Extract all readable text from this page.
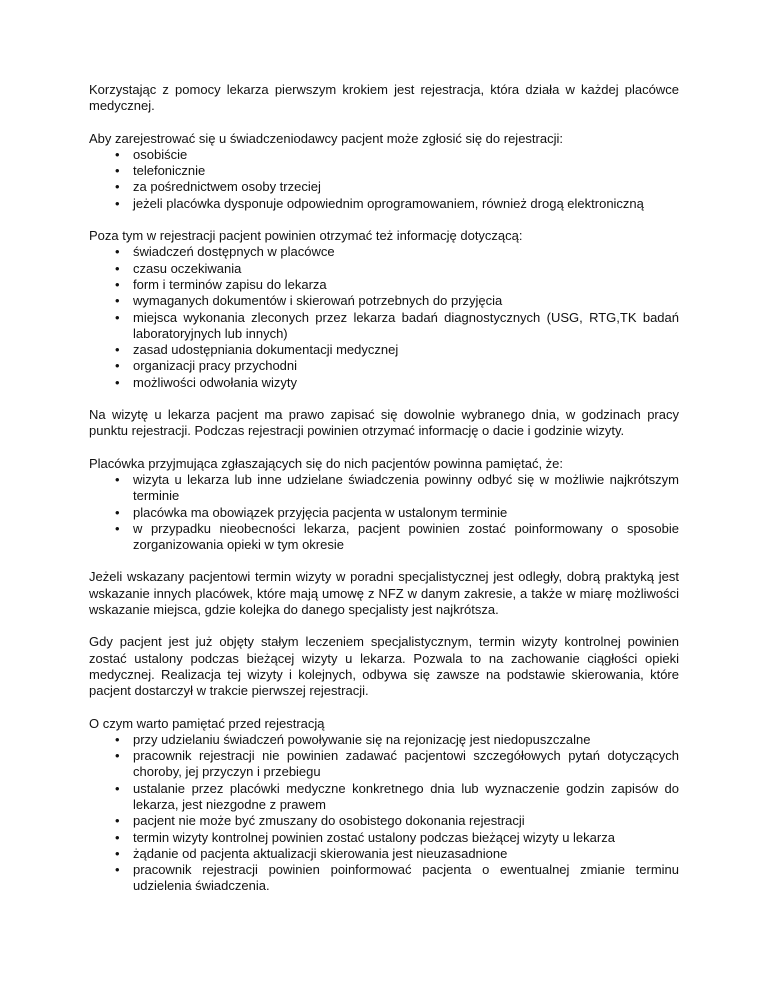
Korzystając z pomocy lekarza pierwszym krokiem jest rejestracja, która działa w każdej placówce medycznej.

Aby zarejestrować się u świadczeniodawcy pacjent może zgłosić się do rejestracji:

• osobiście
• telefonicznie
• za pośrednictwem osoby trzeciej
• jeżeli placówka dysponuje odpowiednim oprogramowaniem, również drogą elektroniczną

Poza tym w rejestracji pacjent powinien otrzymać też informację dotyczącą:

• świadczeń dostępnych w placówce
• czasu oczekiwania
• form i terminów zapisu do lekarza
• wymaganych dokumentów i skierowań potrzebnych do przyjęcia
• miejsca wykonania zleconych przez lekarza badań diagnostycznych (USG, RTG,TK badań laboratoryjnych lub innych)
• zasad udostępniania dokumentacji medycznej
• organizacji pracy przychodni
• możliwości odwołania wizyty

Na wizytę u lekarza pacjent ma prawo zapisać się dowolnie wybranego dnia, w godzinach pracy punktu rejestracji. Podczas rejestracji powinien otrzymać informację o dacie i godzinie wizyty.

Placówka przyjmująca zgłaszających się do nich pacjentów powinna pamiętać, że:

• wizyta u lekarza lub inne udzielane świadczenia powinny odbyć się w możliwie najkrótszym terminie
• placówka ma obowiązek przyjęcia pacjenta w ustalonym terminie
• w przypadku nieobecności lekarza, pacjent powinien zostać poinformowany o sposobie zorganizowania opieki w tym okresie

Jeżeli wskazany pacjentowi termin wizyty w poradni specjalistycznej jest odległy, dobrą praktyką jest wskazanie innych placówek, które mają umowę z NFZ w danym zakresie, a także w miarę możliwości wskazanie miejsca, gdzie kolejka do danego specjalisty jest najkrótsza.

Gdy pacjent jest już objęty stałym leczeniem specjalistycznym, termin wizyty kontrolnej powinien zostać ustalony podczas bieżącej wizyty u lekarza. Pozwala to na zachowanie ciągłości opieki medycznej. Realizacja tej wizyty i kolejnych, odbywa się zawsze na podstawie skierowania, które pacjent dostarczył w trakcie pierwszej rejestracji.

O czym warto pamiętać przed rejestracją

• przy udzielaniu świadczeń powoływanie się na rejonizację jest niedopuszczalne
• pracownik rejestracji nie powinien zadawać pacjentowi szczegółowych pytań dotyczących choroby, jej przyczyn i przebiegu
• ustalanie przez placówki medyczne konkretnego dnia lub wyznaczenie godzin zapisów do lekarza, jest niezgodne z prawem
• pacjent nie może być zmuszany do osobistego dokonania rejestracji
• termin wizyty kontrolnej powinien zostać ustalony podczas bieżącej wizyty u lekarza
• żądanie od pacjenta aktualizacji skierowania jest nieuzasadnione
• pracownik rejestracji powinien poinformować pacjenta o ewentualnej zmianie terminu udzielenia świadczenia.
